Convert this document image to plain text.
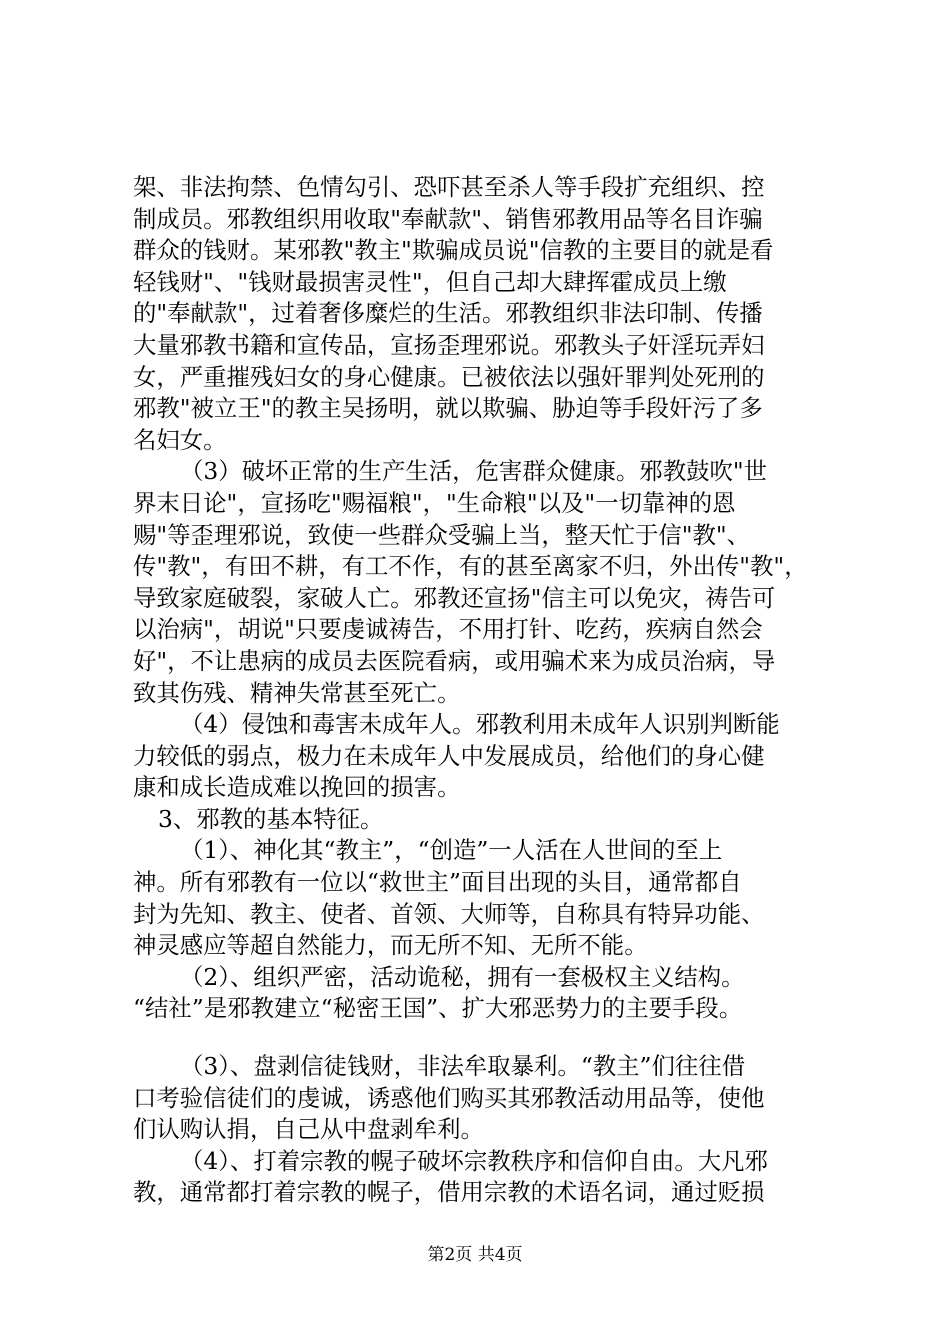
架、非法拘禁、色情勾引、恐吓甚至杀人等手段扩充组织、控
制成员。邪教组织用收取"奉献款"、销售邪教用品等名目诈骗
群众的钱财。某邪教"教主"欺骗成员说"信教的主要目的就是看
轻钱财"、"钱财最损害灵性"，但自己却大肆挥霍成员上缴
的"奉献款"，过着奢侈糜烂的生活。邪教组织非法印制、传播
大量邪教书籍和宣传品，宣扬歪理邪说。邪教头子奸淫玩弄妇
女，严重摧残妇女的身心健康。已被依法以强奸罪判处死刑的
邪教"被立王"的教主吴扬明，就以欺骗、胁迫等手段奸污了多
名妇女。
（3）破坏正常的生产生活，危害群众健康。邪教鼓吹"世
界末日论"，宣扬吃"赐福粮"，"生命粮"以及"一切靠神的恩
赐"等歪理邪说，致使一些群众受骗上当，整天忙于信"教"、
传"教"，有田不耕，有工不作，有的甚至离家不归，外出传"教"，
导致家庭破裂，家破人亡。邪教还宣扬"信主可以免灾，祷告可
以治病"，胡说"只要虔诚祷告，不用打针、吃药，疾病自然会
好"，不让患病的成员去医院看病，或用骗术来为成员治病，导
致其伤残、精神失常甚至死亡。
（4）侵蚀和毒害未成年人。邪教利用未成年人识别判断能
力较低的弱点，极力在未成年人中发展成员，给他们的身心健
康和成长造成难以挽回的损害。
3、邪教的基本特征。
（1）、神化其“教主”，“创造”一人活在人世间的至上
神。所有邪教有一位以“救世主”面目出现的头目，通常都自
封为先知、教主、使者、首领、大师等，自称具有特异功能、
神灵感应等超自然能力，而无所不知、无所不能。
（2）、组织严密，活动诡秘，拥有一套极权主义结构。
“结社”是邪教建立“秘密王国”、扩大邪恶势力的主要手段。
（3）、盘剥信徒钱财，非法牟取暴利。“教主”们往往借
口考验信徒们的虔诚，诱惑他们购买其邪教活动用品等，使他
们认购认捐，自己从中盘剥牟利。
（4）、打着宗教的幌子破坏宗教秩序和信仰自由。大凡邪
教，通常都打着宗教的幌子，借用宗教的术语名词，通过贬损
第2页 共4页
